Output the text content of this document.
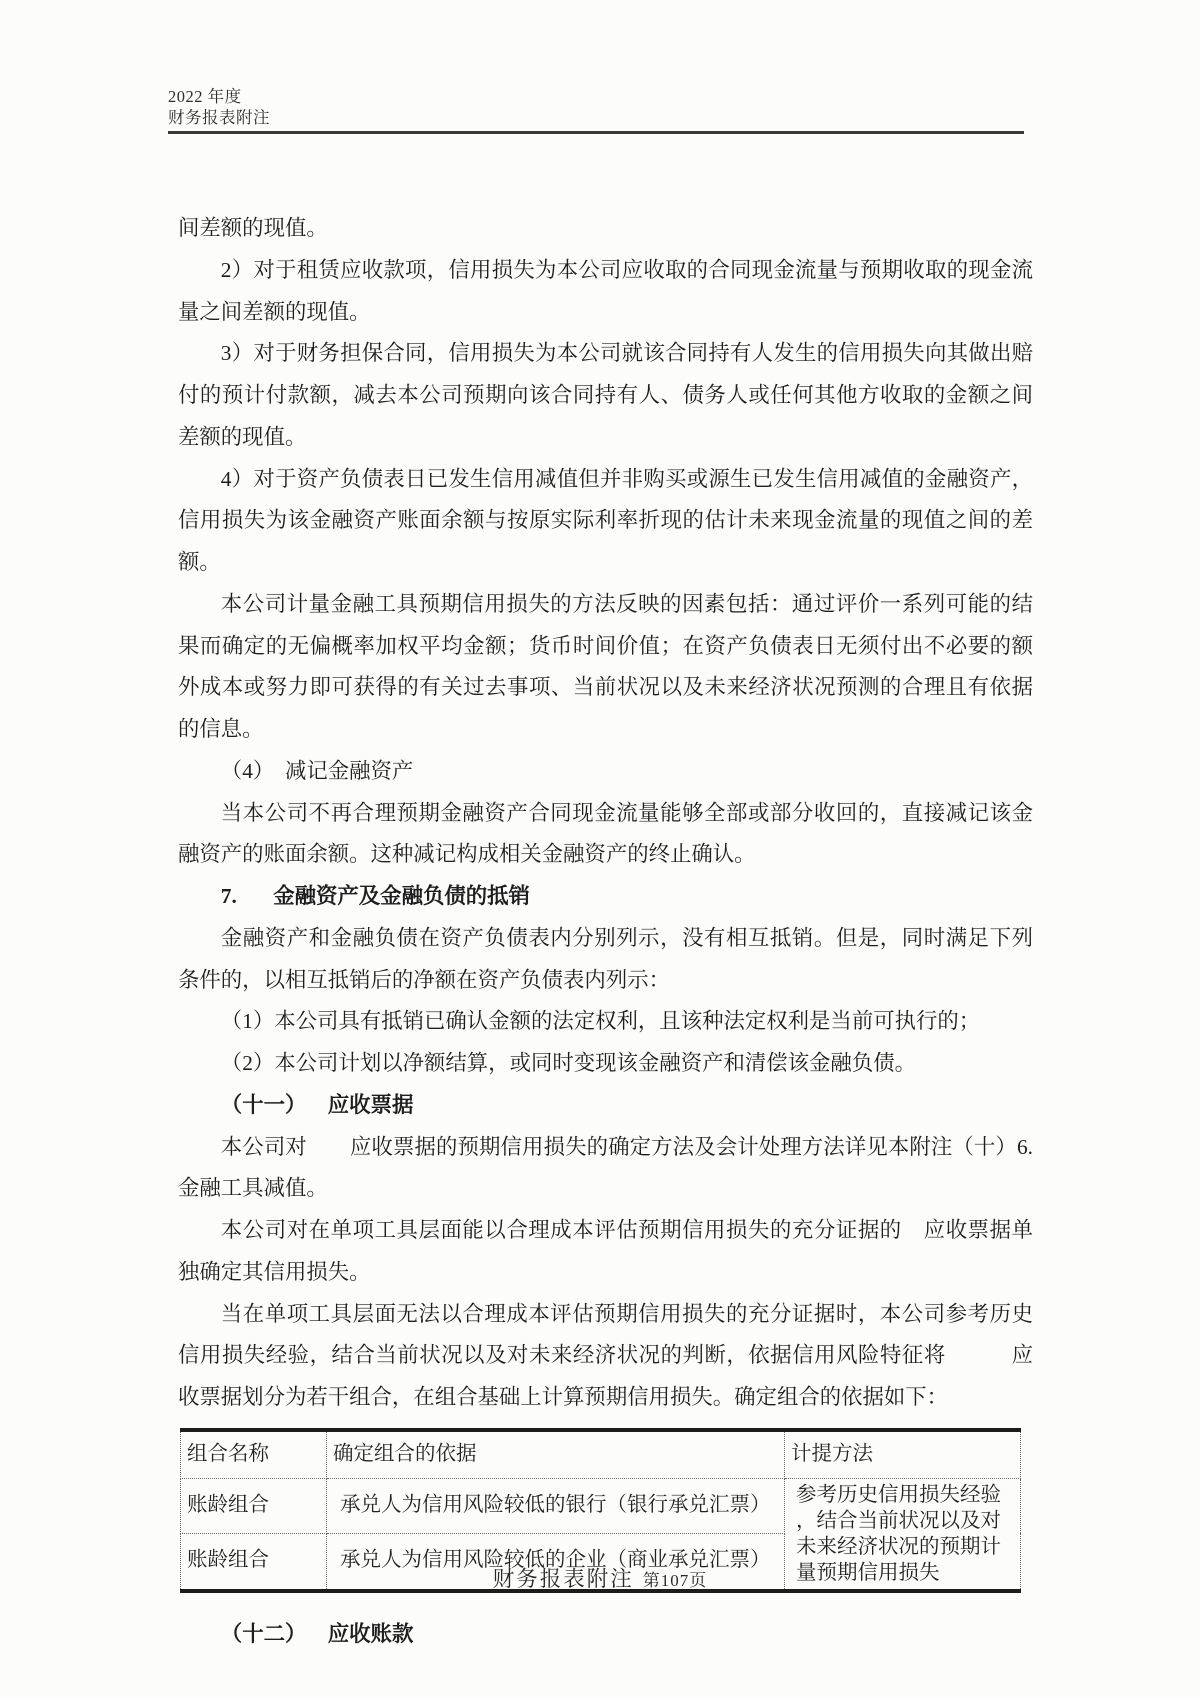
2022 年度
财务报表附注

间差额的现值。

2）对于租赁应收款项，信用损失为本公司应收取的合同现金流量与预期收取的现金流量之间差额的现值。

3）对于财务担保合同，信用损失为本公司就该合同持有人发生的信用损失向其做出赔付的预计付款额，减去本公司预期向该合同持有人、债务人或任何其他方收取的金额之间差额的现值。

4）对于资产负债表日已发生信用减值但并非购买或源生已发生信用减值的金融资产，信用损失为该金融资产账面余额与按原实际利率折现的估计未来现金流量的现值之间的差额。

本公司计量金融工具预期信用损失的方法反映的因素包括：通过评价一系列可能的结果而确定的无偏概率加权平均金额；货币时间价值；在资产负债表日无须付出不必要的额外成本或努力即可获得的有关过去事项、当前状况以及未来经济状况预测的合理且有依据的信息。

（4）　减记金融资产

当本公司不再合理预期金融资产合同现金流量能够全部或部分收回的，直接减记该金融资产的账面余额。这种减记构成相关金融资产的终止确认。

7. 金融资产及金融负债的抵销

金融资产和金融负债在资产负债表内分别列示，没有相互抵销。但是，同时满足下列条件的，以相互抵销后的净额在资产负债表内列示：

（1）本公司具有抵销已确认金额的法定权利，且该种法定权利是当前可执行的；

（2）本公司计划以净额结算，或同时变现该金融资产和清偿该金融负债。

（十一） 应收票据

本公司对　　应收票据的预期信用损失的确定方法及会计处理方法详见本附注（十）6.金融工具减值。

本公司对在单项工具层面能以合理成本评估预期信用损失的充分证据的　应收票据单独确定其信用损失。

当在单项工具层面无法以合理成本评估预期信用损失的充分证据时，本公司参考历史信用损失经验，结合当前状况以及对未来经济状况的判断，依据信用风险特征将　　　应收票据划分为若干组合，在组合基础上计算预期信用损失。确定组合的依据如下：

组合名称	确定组合的依据	计提方法
账龄组合	承兑人为信用风险较低的银行（银行承兑汇票）	参考历史信用损失经验，结合当前状况以及对未来经济状况的预期计量预期信用损失
账龄组合	承兑人为信用风险较低的企业（商业承兑汇票）	

（十二） 应收账款

财务报表附注 第107页
